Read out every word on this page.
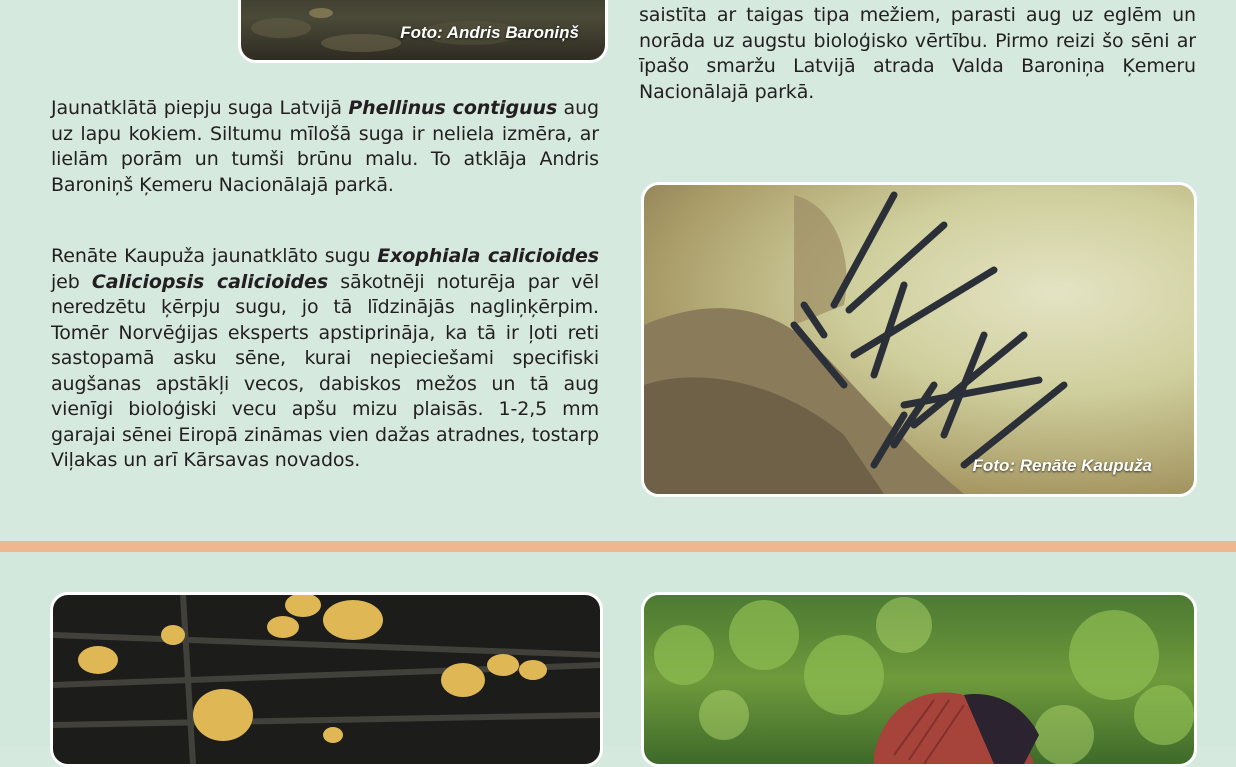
Foto: Andris Baroniņš

saistīta ar taigas tipa mežiem, parasti aug uz eglēm un norāda uz augstu bioloģisko vērtību. Pirmo reizi šo sēni ar īpašo smaržu Latvijā atrada Valda Baroniņa Ķemeru Nacionālajā parkā.

Jaunatklātā piepju suga Latvijā Phellinus contiguus aug uz lapu kokiem. Siltumu mīlošā suga ir neliela izmēra, ar lielām porām un tumši brūnu malu. To atklāja Andris Baroniņš Ķemeru Nacionālajā parkā.

Renāte Kaupuža jaunatklāto sugu Exophiala calicioides jeb Caliciopsis calicioides sākotnēji noturēja par vēl neredzētu ķērpju sugu, jo tā līdzinājās nagliņķērpim. Tomēr Norvēģijas eksperts apstiprināja, ka tā ir ļoti reti sastopamā asku sēne, kurai nepieciešami specifiski augšanas apstākļi vecos, dabiskos mežos un tā aug vienīgi bioloģiski vecu apšu mizu plaisās. 1-2,5 mm garajai sēnei Eiropā zināmas vien dažas atradnes, tostarp Viļakas un arī Kārsavas novados.	Foto: Renāte Kaupuža
